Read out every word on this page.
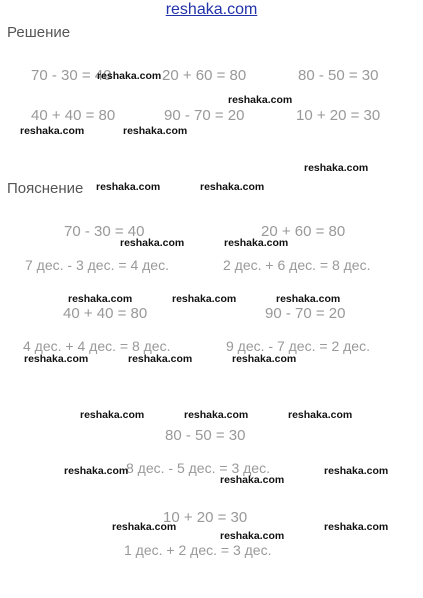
reshaka.com
Решение
70 - 30 = 40	20 + 60 = 80	80 - 50 = 30
40 + 40 = 80	90 - 70 = 20	10 + 20 = 30
Пояснение
70 - 30 = 40
7 дес. - 3 дес. = 4 дес.
20 + 60 = 80
2 дес. + 6 дес. = 8 дес.
40 + 40 = 80
4 дес. + 4 дес. = 8 дес.
90 - 70 = 20
9 дес. - 7 дес. = 2 дес.
80 - 50 = 30
8 дес. - 5 дес. = 3 дес.
10 + 20 = 30
1 дес. + 2 дес. = 3 дес.
reshaka.com
reshaka.com
reshaka.com	reshaka.com
reshaka.com
reshaka.com	reshaka.com
reshaka.com	reshaka.com
reshaka.com	reshaka.com	reshaka.com
reshaka.com	reshaka.com	reshaka.com
reshaka.com	reshaka.com	reshaka.com
reshaka.com	reshaka.com
reshaka.com
reshaka.com	reshaka.com
reshaka.com
